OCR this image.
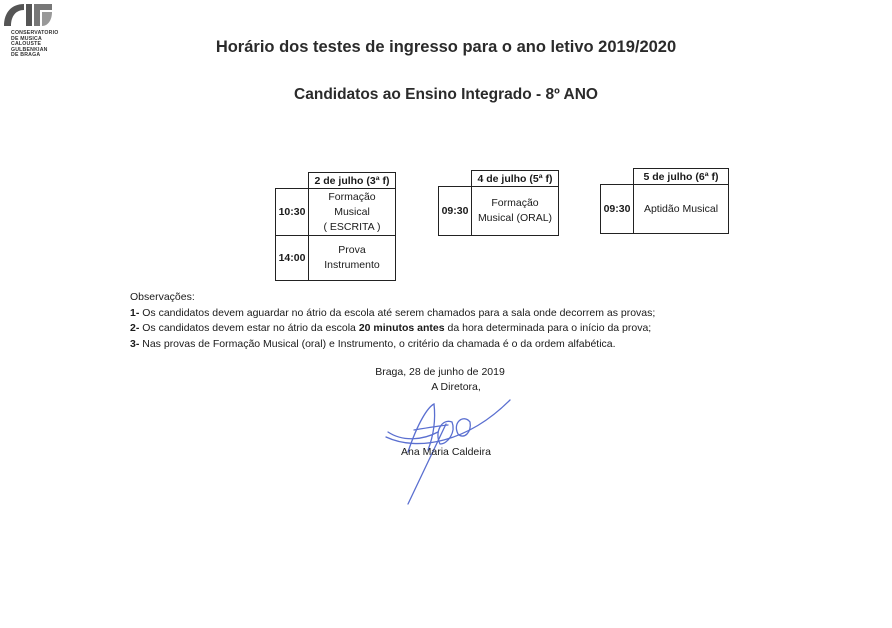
Horário dos testes de ingresso para o ano letivo 2019/2020
Candidatos ao Ensino Integrado - 8º ANO
CONSERVATORIO
DE MUSICA
CALOUSTE
GULBENKIAN
DE BRAGA
	2 de julho (3ª f)
10:30	Formação
Musical
( ESCRITA )

14:00	Prova
Instrumento
	4 de julho (5ª f)
09:30	Formação
Musical (ORAL)
	5 de julho (6ª f)
09:30	Aptidão Musical
Observações:
1- Os candidatos devem aguardar no átrio da escola até serem chamados para a sala onde decorrem as provas;
2- Os candidatos devem estar no átrio da escola 20 minutos antes da hora determinada para o início da prova;
3- Nas provas de Formação Musical (oral) e Instrumento, o critério da chamada é o da ordem alfabética.
Braga, 28 de junho de 2019
A Diretora,
Ana Maria Caldeira
